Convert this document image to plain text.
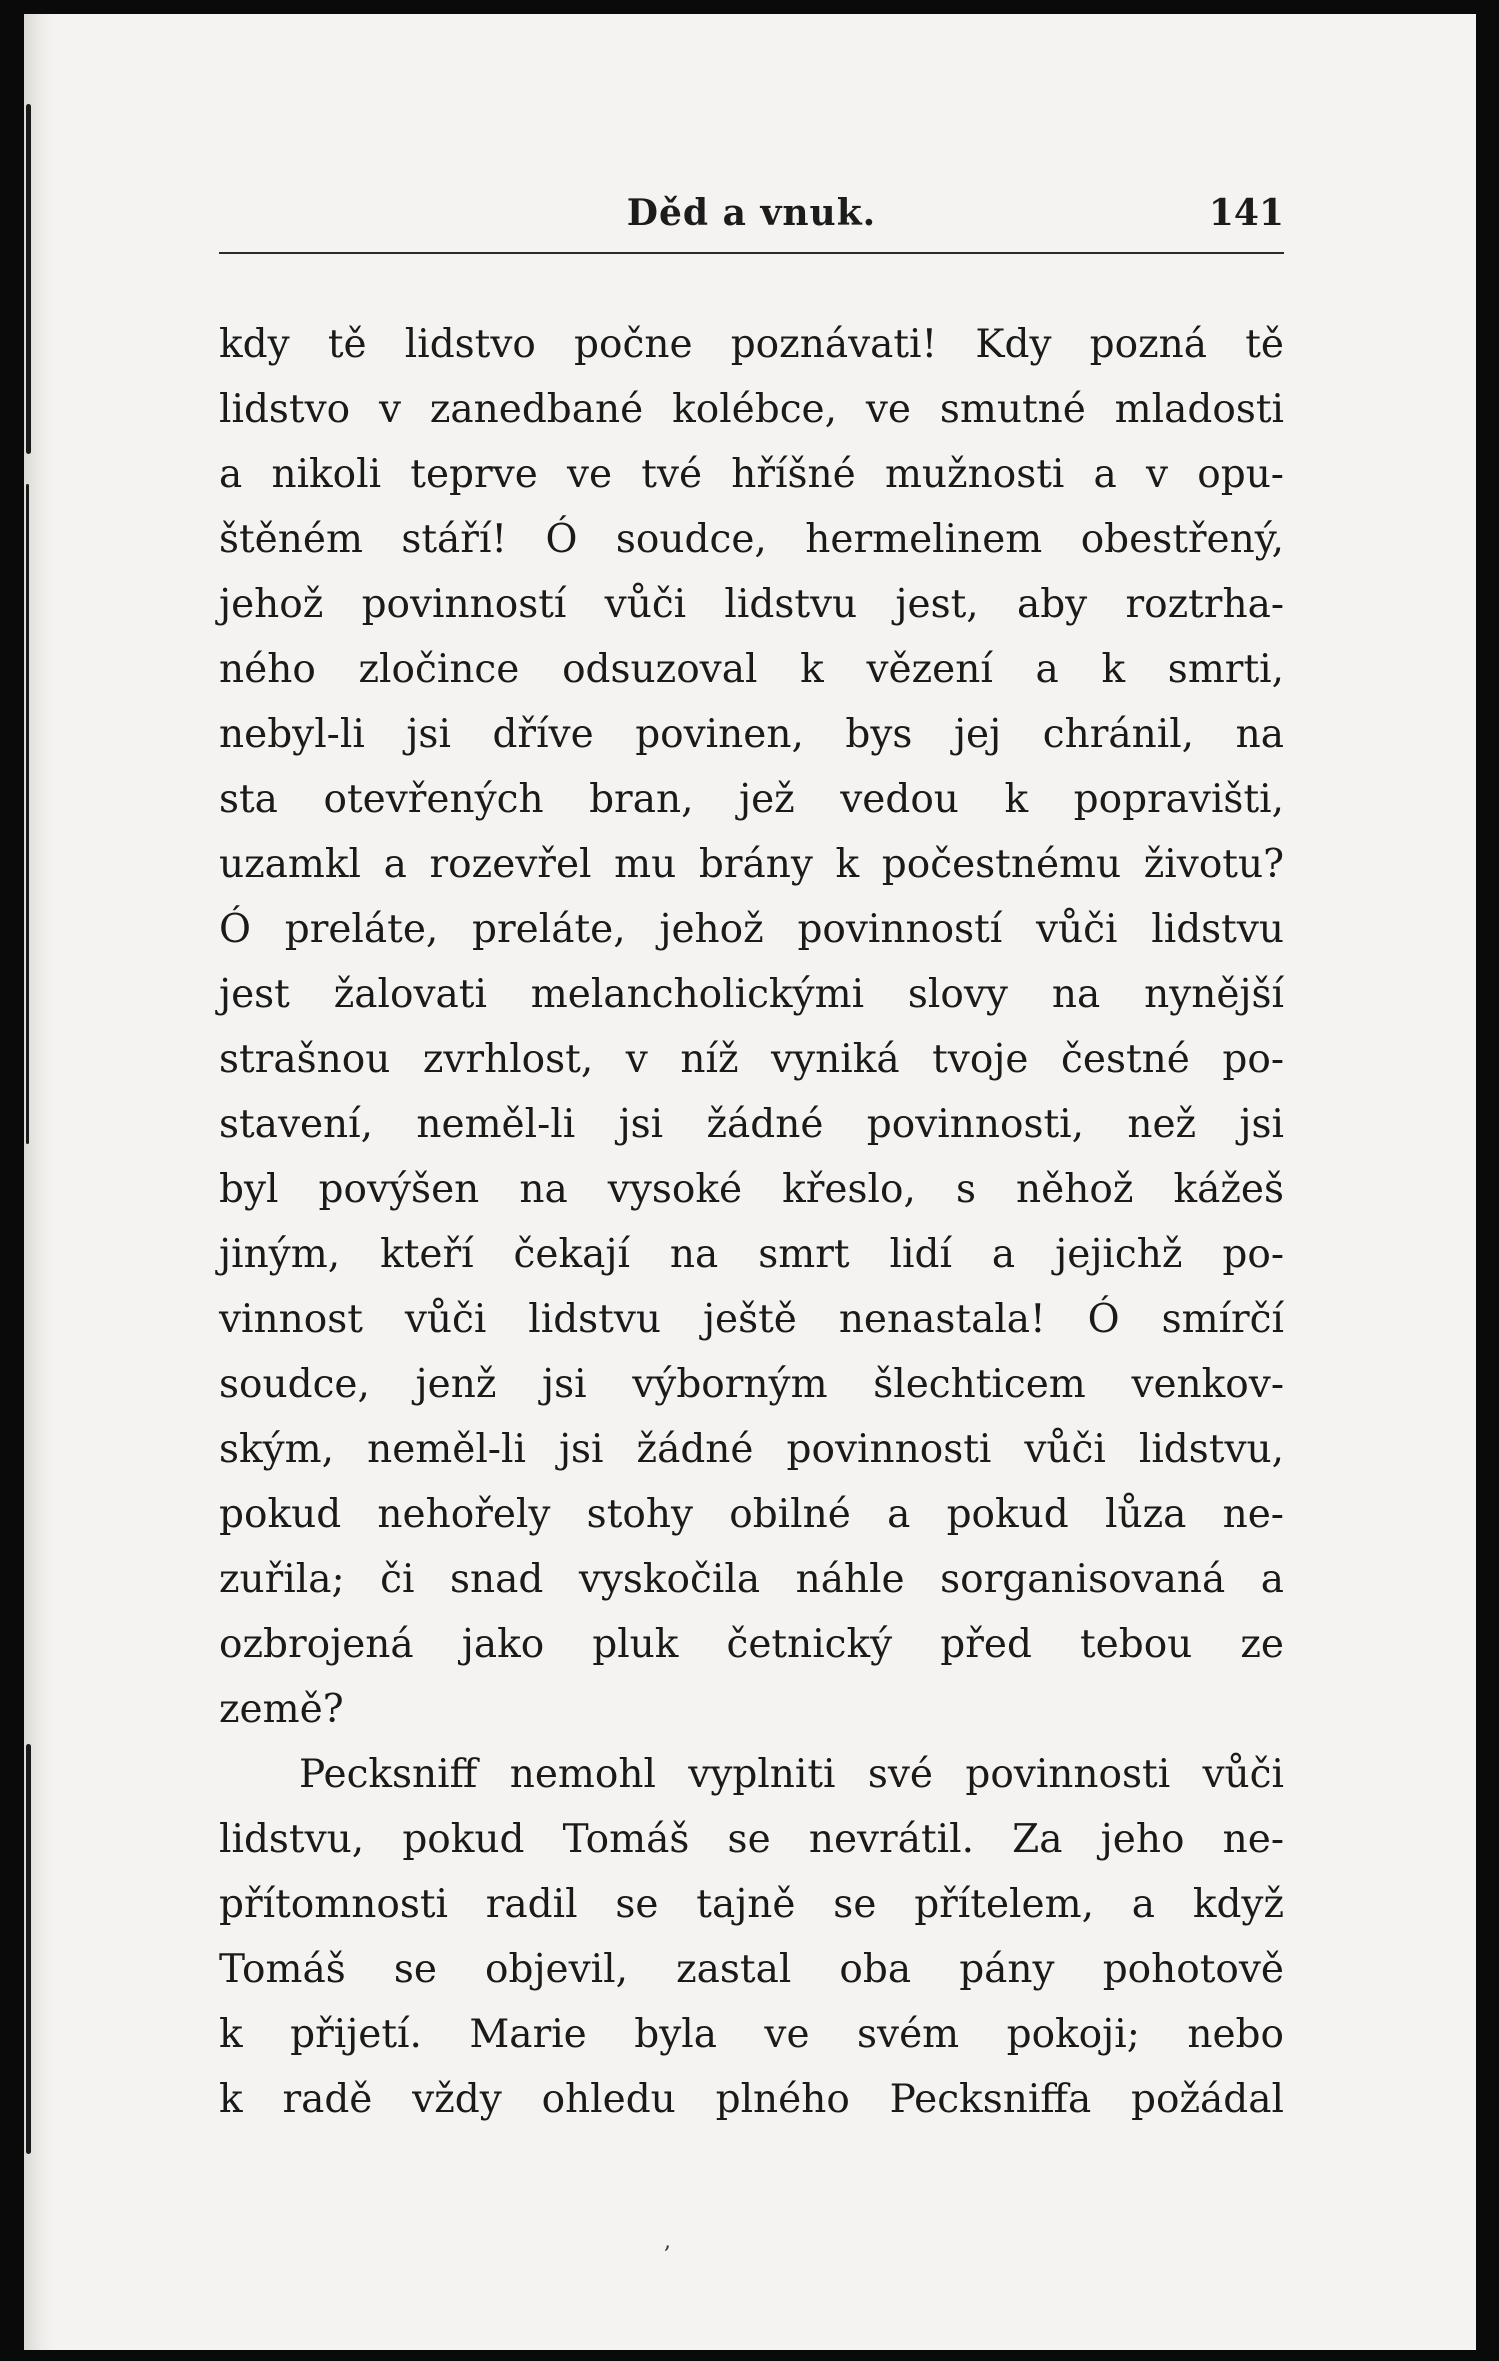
Děd a vnuk.	141
kdy tě lidstvo počne poznávati! Kdy pozná tě
lidstvo v zanedbané kolébce, ve smutné mladosti
a nikoli teprve ve tvé hříšné mužnosti a v opu-
štěném stáří! Ó soudce, hermelinem obestřený,
jehož povinností vůči lidstvu jest, aby roztrha-
ného zločince odsuzoval k vězení a k smrti,
nebyl-li jsi dříve povinen, bys jej chránil, na
sta otevřených bran, jež vedou k popravišti,
uzamkl a rozevřel mu brány k počestnému životu?
Ó preláte, preláte, jehož povinností vůči lidstvu
jest žalovati melancholickými slovy na nynější
strašnou zvrhlost, v níž vyniká tvoje čestné po-
stavení, neměl-li jsi žádné povinnosti, než jsi
byl povýšen na vysoké křeslo, s něhož kážeš
jiným, kteří čekají na smrt lidí a jejichž po-
vinnost vůči lidstvu ještě nenastala! Ó smírčí
soudce, jenž jsi výborným šlechticem venkov-
ským, neměl-li jsi žádné povinnosti vůči lidstvu,
pokud nehořely stohy obilné a pokud lůza ne-
zuřila; či snad vyskočila náhle sorganisovaná a
ozbrojená jako pluk četnický před tebou ze
země?
Pecksniff nemohl vyplniti své povinnosti vůči
lidstvu, pokud Tomáš se nevrátil. Za jeho ne-
přítomnosti radil se tajně se přítelem, a když
Tomáš se objevil, zastal oba pány pohotově
k přijetí. Marie byla ve svém pokoji; nebo
k radě vždy ohledu plného Pecksniffa požádal
,
